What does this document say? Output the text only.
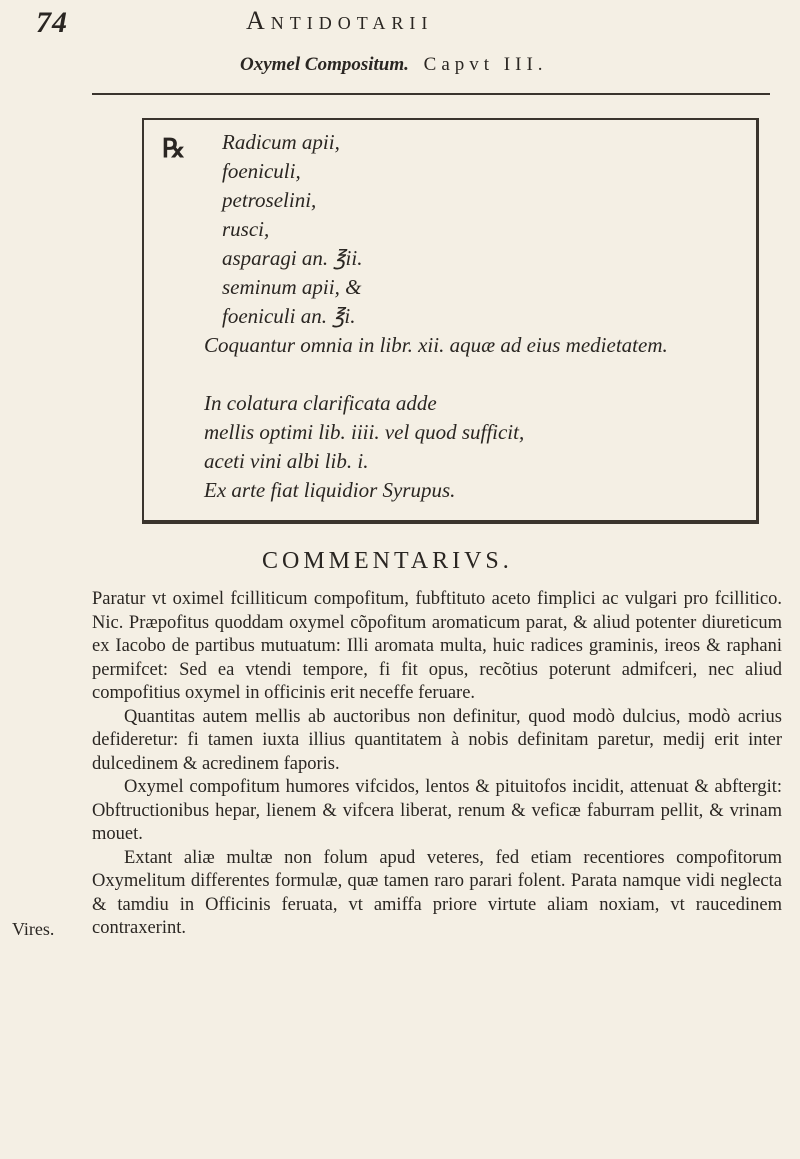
74	Antidotarii
Oxymel Compositum. Capvt III.
℞ Radicum apii,
foeniculi,
petroselini,
rusci,
asparagi an. ℥ii.
seminum apii, &
foeniculi an. ℥i.
Coquantur omnia in libr. xii. aquæ ad eius medietatem.
In colatura clarificata adde
mellis optimi lib. iiii. vel quod sufficit,
aceti vini albi lib. i.
Ex arte fiat liquidior Syrupus.
COMMENTARIVS.

Paratur vt oximel fcilliticum compofitum, fubftituto aceto fimplici ac vulgari pro fcillitico. Nic. Præpofitus quoddam oxymel cõpofitum aromaticum parat, & aliud potenter diureticum ex Iacobo de partibus mutuatum: Illi aromata multa, huic radices graminis, ireos & raphani permifcet: Sed ea vtendi tempore, fi fit opus, recõtius poterunt admifceri, nec aliud compofitius oxymel in officinis erit neceffe feruare.

Quantitas autem mellis ab auctoribus non definitur, quod modò dulcius, modò acrius defideretur: fi tamen iuxta illius quantitatem à nobis definitam paretur, medij erit inter dulcedinem & acredinem faporis.

Oxymel compofitum humores vifcidos, lentos & pituitofos incidit, attenuat & abftergit: Obftructionibus hepar, lienem & vifcera liberat, renum & veficæ faburram pellit, & vrinam mouet.

Extant aliæ multæ non folum apud veteres, fed etiam recentiores compofitorum Oxymelitum differentes formulæ, quæ tamen raro parari folent. Parata namque vidi neglecta & tamdiu in Officinis feruata, vt amiffa priore virtute aliam noxiam, vt raucedinem contraxerint.

Vires.
